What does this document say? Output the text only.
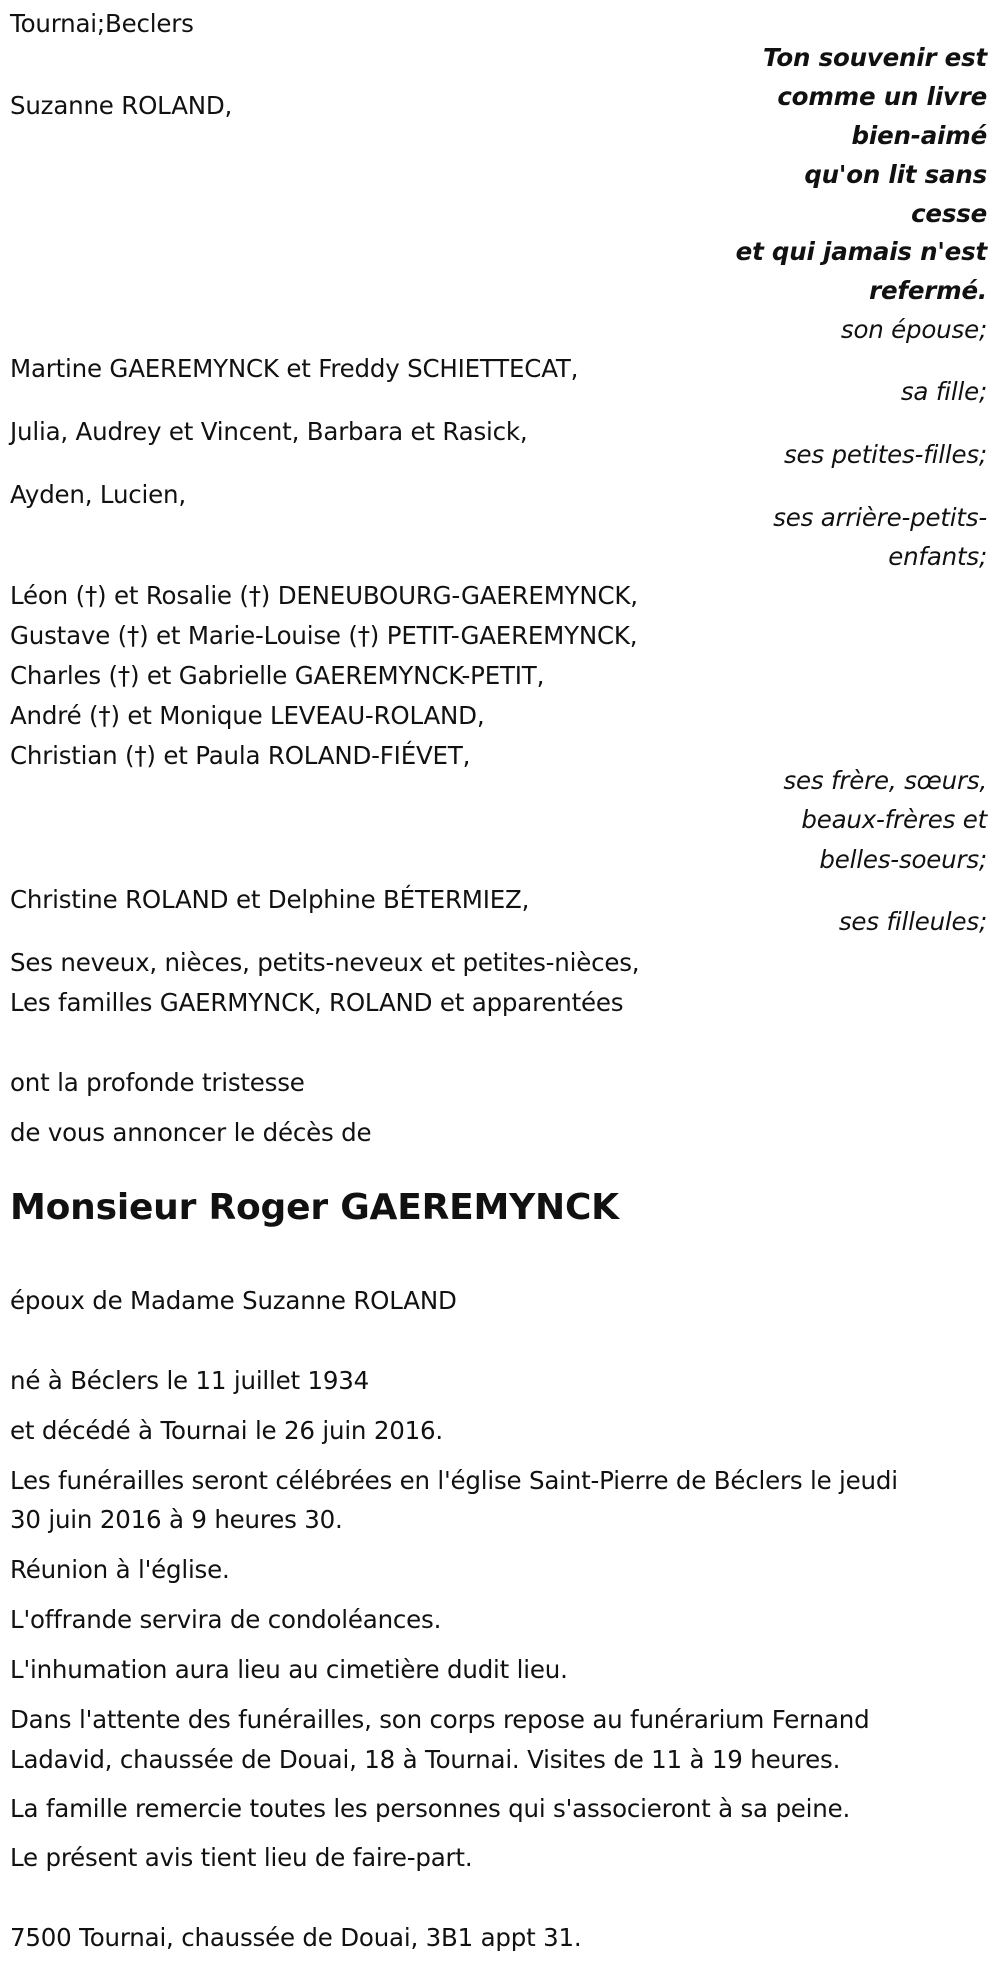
Tournai;Beclers

Ton souvenir est

comme un livre

bien-aimé

qu'on lit sans

cesse

et qui jamais n'est

refermé.

Suzanne ROLAND,

son épouse;

Martine GAEREMYNCK et Freddy SCHIETTECAT,

sa fille;

Julia, Audrey et Vincent, Barbara et Rasick,

ses petites-filles;

Ayden, Lucien,

ses arrière-petits-

enfants;

Léon (†) et Rosalie (†) DENEUBOURG-GAEREMYNCK,

Gustave (†) et Marie-Louise (†) PETIT-GAEREMYNCK,

Charles (†) et Gabrielle GAEREMYNCK-PETIT,

André (†) et Monique LEVEAU-ROLAND,

Christian (†) et Paula ROLAND-FIÉVET,

ses frère, sœurs,

beaux-frères et

belles-soeurs;

Christine ROLAND et Delphine BÉTERMIEZ,

ses filleules;

Ses neveux, nièces, petits-neveux et petites-nièces,

Les familles GAERMYNCK, ROLAND et apparentées

ont la profonde tristesse

de vous annoncer le décès de

Monsieur Roger GAEREMYNCK

époux de Madame Suzanne ROLAND

né à Béclers le 11 juillet 1934

et décédé à Tournai le 26 juin 2016.

Les funérailles seront célébrées en l'église Saint-Pierre de Béclers le jeudi

30 juin 2016 à 9 heures 30.

Réunion à l'église.

L'offrande servira de condoléances.

L'inhumation aura lieu au cimetière dudit lieu.

Dans l'attente des funérailles, son corps repose au funérarium Fernand

Ladavid, chaussée de Douai, 18 à Tournai. Visites de 11 à 19 heures.

La famille remercie toutes les personnes qui s'associeront à sa peine.

Le présent avis tient lieu de faire-part.

7500 Tournai, chaussée de Douai, 3B1 appt 31.
